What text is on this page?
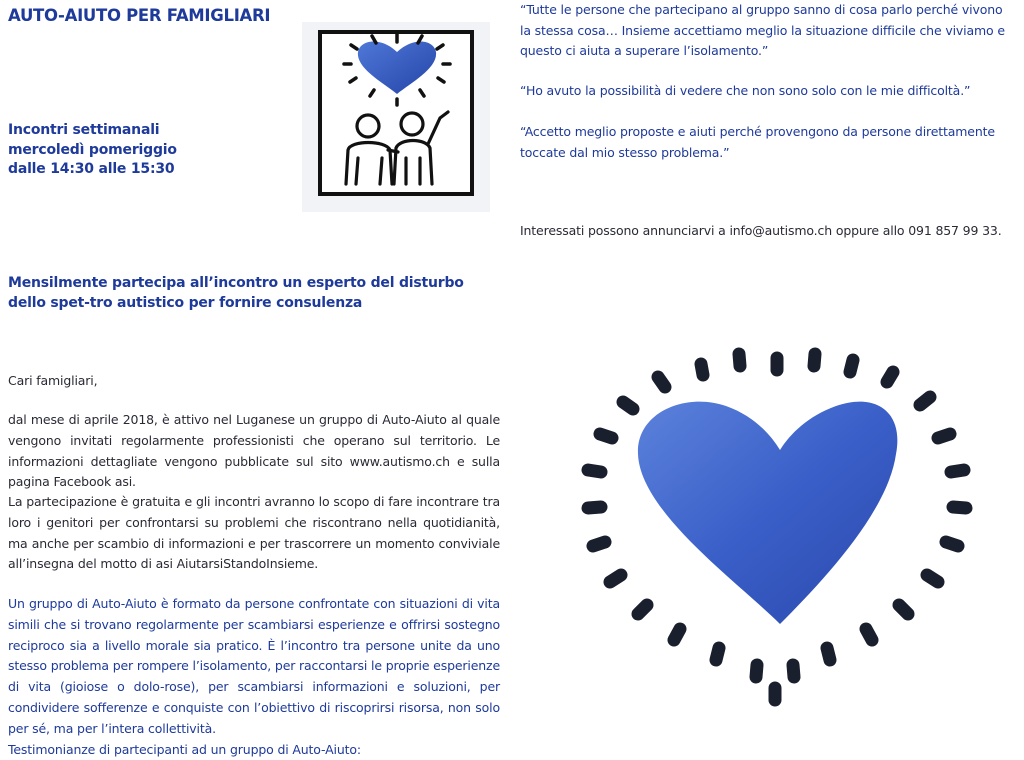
AUTO-AIUTO PER FAMIGLIARI

Incontri settimanali
mercoledì pomeriggio
dalle 14:30 alle 15:30

“Tutte le persone che partecipano al gruppo sanno di cosa parlo perché vivono la stessa cosa… Insieme accettiamo meglio la situazione difficile che viviamo e questo ci aiuta a superare l’isolamento.”
“Ho avuto la possibilità di vedere che non sono solo con le mie difficoltà.”
“Accetto meglio proposte e aiuti perché provengono da persone direttamente toccate dal mio stesso problema.”
Interessati possono annunciarvi a info@autismo.ch oppure allo 091 857 99 33.

Mensilmente partecipa all’incontro un esperto del disturbo dello spet-tro autistico per fornire consulenza

Cari famigliari,

dal mese di aprile 2018, è attivo nel Luganese un gruppo di Auto-Aiuto al quale vengono invitati regolarmente professionisti che operano sul territorio. Le informazioni dettagliate vengono pubblicate sul sito www.autismo.ch e sulla pagina Facebook asi.

La partecipazione è gratuita e gli incontri avranno lo scopo di fare incontrare tra loro i genitori per confrontarsi su problemi che riscontrano nella quotidianità, ma anche per scambio di informazioni e per trascorrere un momento conviviale all’insegna del motto di asi AiutarsiStandoInsieme.

Un gruppo di Auto-Aiuto è formato da persone confrontate con situazioni di vita simili che si trovano regolarmente per scambiarsi esperienze e offrirsi sostegno reciproco sia a livello morale sia pratico. È l’incontro tra persone unite da uno stesso problema per rompere l’isolamento, per raccontarsi le proprie esperienze di vita (gioiose o dolo-rose), per scambiarsi informazioni e soluzioni, per condividere sofferenze e conquiste con l’obiettivo di riscoprirsi risorsa, non solo per sé, ma per l’intera collettività.
Testimonianze di partecipanti ad un gruppo di Auto-Aiuto:
